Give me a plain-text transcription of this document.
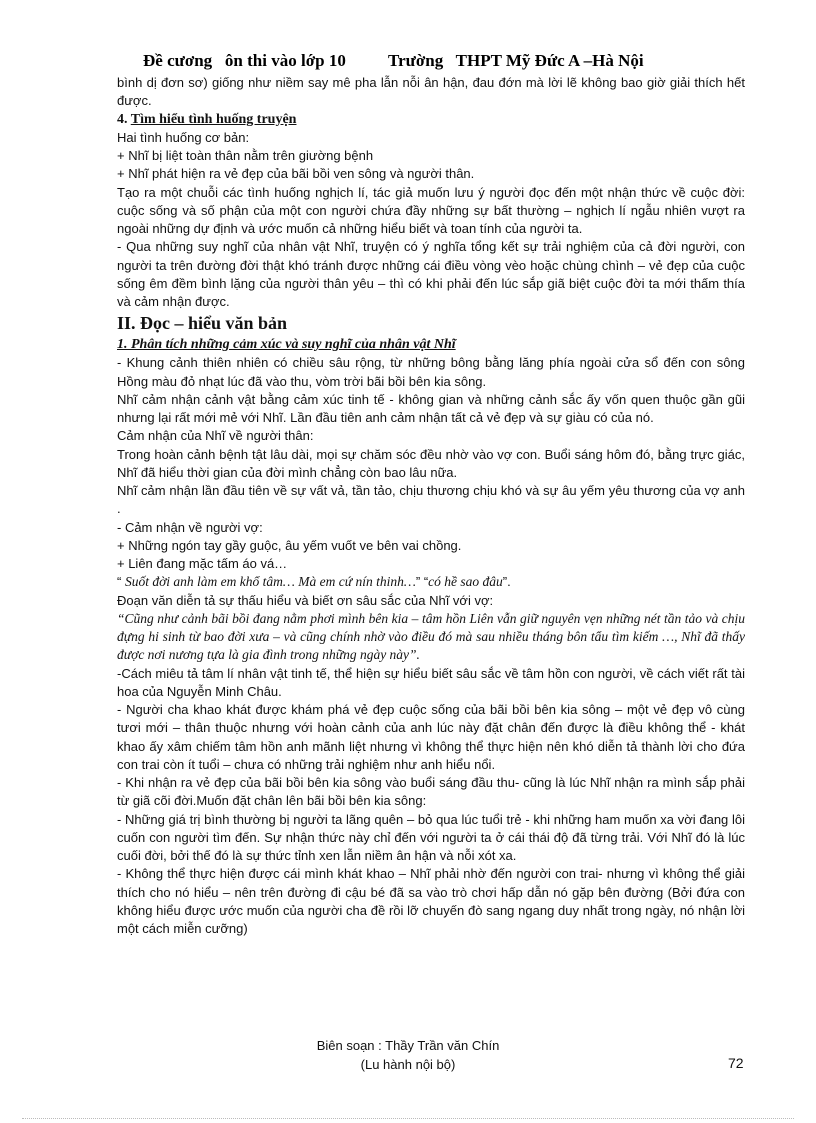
Đề cương   ôn thi vào lớp 10          Trường   THPT Mỹ Đức A –Hà Nội

bình dị đơn sơ) giống như niềm say mê pha lẫn nỗi ân hận, đau đớn mà lời lẽ không bao giờ giải thích hết được.

4. Tìm hiểu tình huống truyện

Hai tình huống cơ bản:

+ Nhĩ bị liệt toàn thân nằm trên giường bệnh

+ Nhĩ phát hiện ra vẻ đẹp của bãi bồi ven sông và người thân.

Tạo ra một chuỗi các tình huống nghịch lí, tác giả muốn lưu ý người đọc đến một nhận thức về cuộc đời: cuộc sống và số phận của một con người chứa đầy những sự bất thường – nghịch lí ngẫu nhiên vượt ra ngoài những dự định và ước muốn cả những hiểu biết và toan tính của người ta.

- Qua những suy nghĩ của nhân vật Nhĩ, truyện có ý nghĩa tổng kết sự trải nghiệm của cả đời người, con người ta trên đường đời thật khó tránh được những cái điều vòng vèo hoặc chùng chình – vẻ đẹp của cuộc sống êm đềm bình lặng của người thân yêu – thì có khi phải đến lúc sắp giã biệt cuộc đời ta mới thấm thía và cảm nhận được.

II. Đọc – hiểu văn bản

1. Phân tích những cảm xúc và suy nghĩ của nhân vật Nhĩ

- Khung cảnh thiên nhiên có chiều sâu rộng, từ những bông bằng lăng phía ngoài cửa sổ đến con sông Hồng màu đỏ nhạt lúc đã vào thu, vòm trời bãi bồi bên kia sông.

Nhĩ cảm nhận cảnh vật bằng cảm xúc tinh tế - không gian và những cảnh sắc ấy vốn quen thuộc gần gũi nhưng lại rất mới mẻ với Nhĩ. Lần đầu tiên anh cảm nhận tất cả vẻ đẹp và sự giàu có của nó.

Cảm nhận của Nhĩ về người thân:

Trong hoàn cảnh bệnh tật lâu dài, mọi sự chăm sóc đều nhờ vào vợ con. Buổi sáng hôm đó, bằng trực giác, Nhĩ đã hiểu thời gian của đời mình chẳng còn bao lâu nữa.

Nhĩ cảm nhận lần đầu tiên về sự vất vả, tần tảo, chịu thương chịu khó và sự âu yếm yêu thương của vợ anh .

- Cảm nhận về người vợ:

+ Những ngón tay gầy guộc, âu yếm vuốt ve bên vai chồng.

+ Liên đang mặc tấm áo vá…

“ Suốt đời anh làm em khổ tâm… Mà em cứ nín thinh…” “có hề sao đâu”.

Đoạn văn diễn tả sự thấu hiểu và biết ơn sâu sắc của Nhĩ với vợ:

“Cũng như cảnh bãi bồi đang nằm phơi mình bên kia – tâm hồn Liên vẫn giữ nguyên vẹn những nét tần tảo và chịu đựng hi sinh từ bao đời xưa – và cũng chính nhờ vào điều đó mà sau nhiều tháng bôn tẩu tìm kiếm …, Nhĩ đã thấy được nơi nương tựa là gia đình trong những ngày này”.

-Cách miêu tả tâm lí nhân vật tinh tế, thể hiện sự hiểu biết sâu sắc về tâm hồn con người, về cách viết rất tài hoa của Nguyễn Minh Châu.

- Người cha khao khát được khám phá vẻ đẹp cuộc sống của bãi bồi bên kia sông – một vẻ đẹp vô cùng tươi mới – thân thuộc nhưng với hoàn cảnh của anh lúc này đặt chân đến được là điều không thể - khát khao ấy xâm chiếm tâm hồn anh mãnh liệt nhưng vì không thể thực hiện nên khó diễn tả thành lời cho đứa con trai còn ít tuổi – chưa có những trải nghiệm như anh hiểu nổi.

- Khi nhận ra vẻ đẹp của bãi bồi bên kia sông vào buổi sáng đầu thu- cũng là lúc Nhĩ nhận ra mình sắp phải từ giã cõi đời.Muốn đặt chân lên bãi bồi bên kia sông:

- Những giá trị bình thường bị người ta lãng quên – bỏ qua lúc tuổi trẻ - khi những ham muốn xa vời đang lôi cuốn con người tìm đến. Sự nhận thức này chỉ đến với người ta ở cái thái độ đã từng trải. Với Nhĩ đó là lúc cuối đời, bởi thế đó là sự thức tỉnh xen lẫn niềm ân hận và nỗi xót xa.

- Không thể thực hiện được cái mình khát khao – Nhĩ phải nhờ đến người con trai- nhưng vì không thể giải thích cho nó hiểu – nên trên đường đi cậu bé đã sa vào trò chơi hấp dẫn nó gặp bên đường (Bởi đứa con không hiểu được ước muốn của người cha đề rồi lỡ chuyến đò sang ngang duy nhất trong ngày, nó nhận lời một cách miễn cưỡng)

Biên soạn : Thầy Trần văn Chín
(Lu hành nội bộ)	72
